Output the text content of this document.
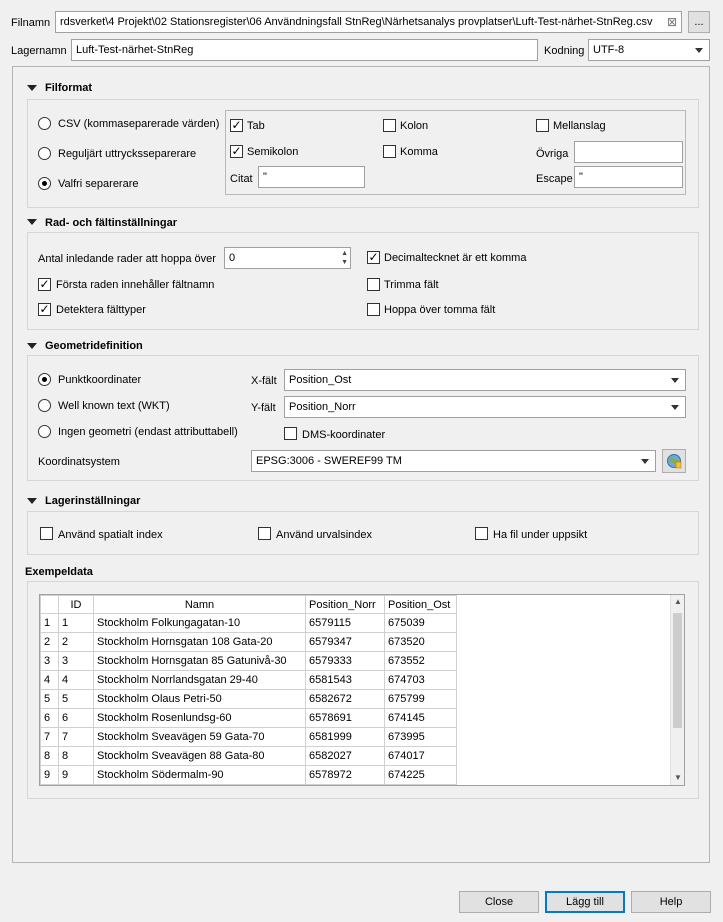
Filnamn rdsverket\4 Projekt\02 Stationsregister\06 Användningsfall StnReg\Närhetsanalys provplatser\Luft-Test-närhet-StnReg.csv ⊠	...
Lagernamn Luft-Test-närhet-StnReg	Kodning UTF-8
Filformat
CSV (kommaseparerade värden)
Reguljärt uttrycksseparerare
Valfri separerare
✓ Tab	Kolon	Mellanslag
✓ Semikolon	Komma	Övriga
Citat "	Escape "
Rad- och fältinställningar
Antal inledande rader att hoppa över	0	▲
▼ ✓ Decimaltecknet är ett komma
✓ Första raden innehåller fältnamn	Trimma fält
✓ Detektera fälttyper	Hoppa över tomma fält
Geometridefinition
Punktkoordinater
Well known text (WKT)
Ingen geometri (endast attributtabell)
X-fält	Position_Ost
Y-fält	Position_Norr
DMS-koordinater
Koordinatsystem	EPSG:3006 - SWEREF99 TM
Lagerinställningar
Använd spatialt index	Använd urvalsindex	Ha fil under uppsikt
Exempeldata
	ID	Namn	Position_Norr	Position_Ost
1	1	Stockholm Folkungagatan-10	6579115	675039
2	2	Stockholm Hornsgatan 108 Gata-20	6579347	673520
3	3	Stockholm Hornsgatan 85 Gatunivå-30	6579333	673552
4	4	Stockholm Norrlandsgatan 29-40	6581543	674703
5	5	Stockholm Olaus Petri-50	6582672	675799
6	6	Stockholm Rosenlundsg-60	6578691	674145
7	7	Stockholm Sveavägen 59 Gata-70	6581999	673995
8	8	Stockholm Sveavägen 88 Gata-80	6582027	674017
9	9	Stockholm Södermalm-90	6578972	674225
▲
▼
Close	Lägg till	Help
